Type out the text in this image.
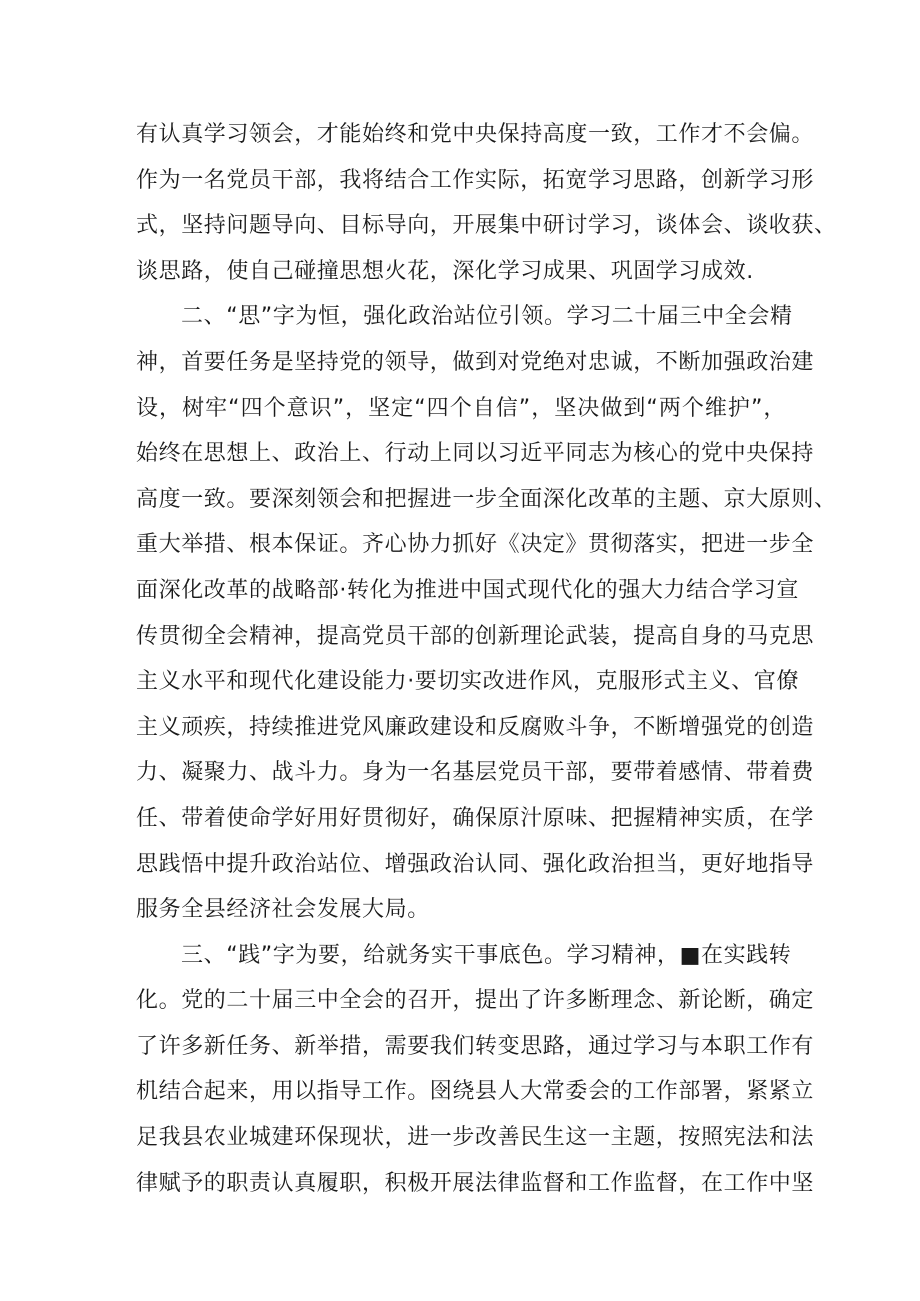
有认真学习领会，才能始终和党中央保持高度一致，工作才不会偏。
作为一名党员干部，我将结合工作实际，拓宽学习思路，创新学习形
式，坚持问题导向、目标导向，开展集中研讨学习，谈体会、谈收获、
谈思路，使自己碰撞思想火花，深化学习成果、巩固学习成效.
二、“思”字为恒，强化政治站位引领。学习二十届三中全会精
神，首要任务是坚持党的领导，做到对党绝对忠诚，不断加强政治建
设，树牢“四个意识”，坚定“四个自信”，坚决做到“两个维护”，
始终在思想上、政治上、行动上同以习近平同志为核心的党中央保持
高度一致。要深刻领会和把握进一步全面深化改革的主题、京大原则、
重大举措、根本保证。齐心协力抓好《决定》贯彻落实，把进一步全
面深化改革的战略部·转化为推进中国式现代化的强大力结合学习宣
传贯彻全会精神，提高党员干部的创新理论武装，提高自身的马克思
主义水平和现代化建设能力·要切实改进作风，克服形式主义、官僚
主义顽疾，持续推进党风廉政建设和反腐败斗争，不断增强党的创造
力、凝聚力、战斗力。身为一名基层党员干部，要带着感情、带着费
任、带着使命学好用好贯彻好，确保原汁原味、把握精神实质，在学
思践悟中提升政治站位、增强政治认同、强化政治担当，更好地指导
服务全县经济社会发展大局。
三、“践”字为要，给就务实干事底色。学习精神，■在实践转
化。党的二十届三中全会的召开，提出了许多断理念、新论断，确定
了许多新任务、新举措，需要我们转变思路，通过学习与本职工作有
机结合起来，用以指导工作。囹绕县人大常委会的工作部署，紧紧立
足我县农业城建环保现状，进一步改善民生这一主题，按照宪法和法
律赋予的职责认真履职，积极开展法律监督和工作监督，在工作中坚
